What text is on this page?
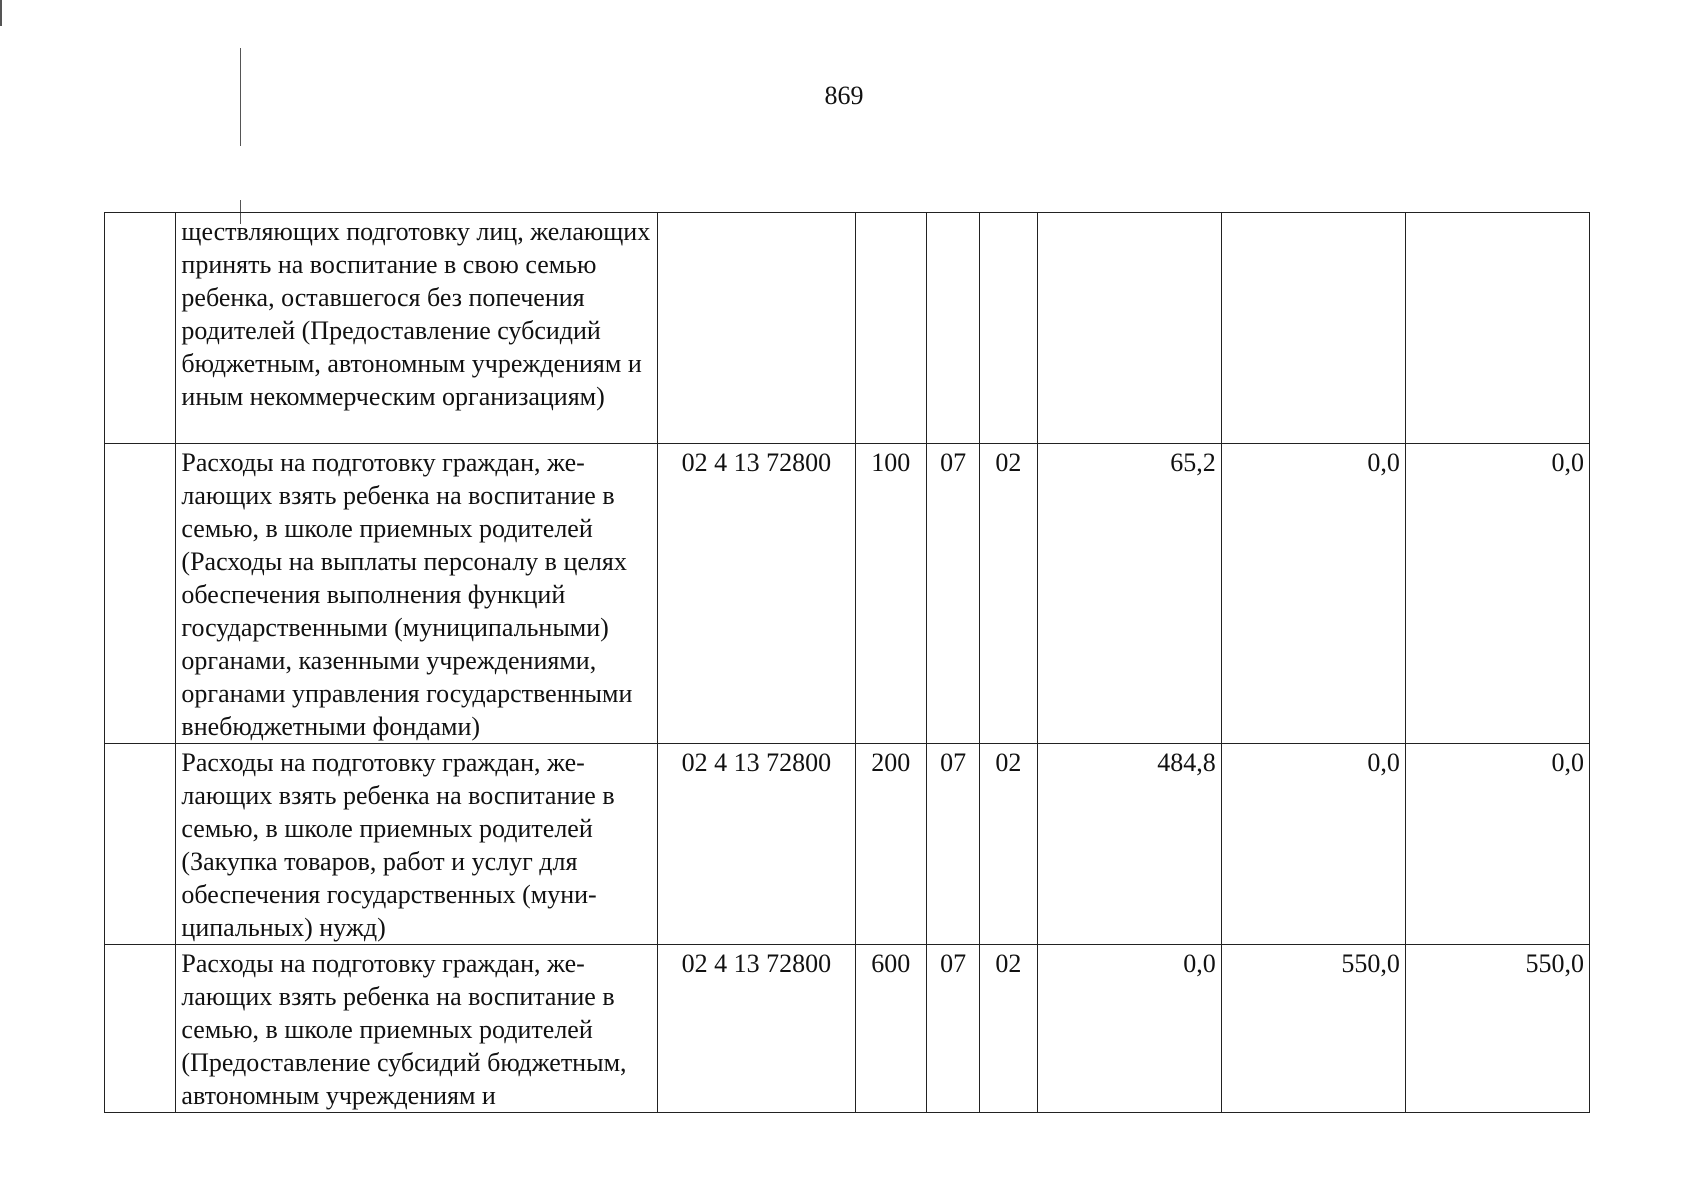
869
	ществляющих подготовку лиц, желающих принять на воспитание в свою семью ребенка, оставшегося без попечения родителей (Предоставление субсидий бюджетным, автономным учреждениям и иным некоммерческим организациям)							
	Расходы на подготовку граждан, желающих взять ребенка на воспитание в семью, в школе приемных родителей (Расходы на выплаты персоналу в целях обеспечения выполнения функций государственными (муниципальными) органами, казенными учреждениями, органами управления государственными внебюджетными фондами)	02 4 13 72800	100	07	02	65,2	0,0	0,0
	Расходы на подготовку граждан, желающих взять ребенка на воспитание в семью, в школе приемных родителей (Закупка товаров, работ и услуг для обеспечения государственных (муниципальных) нужд)	02 4 13 72800	200	07	02	484,8	0,0	0,0
	Расходы на подготовку граждан, желающих взять ребенка на воспитание в семью, в школе приемных родителей (Предоставление субсидий бюджетным, автономным учреждениям и	02 4 13 72800	600	07	02	0,0	550,0	550,0
